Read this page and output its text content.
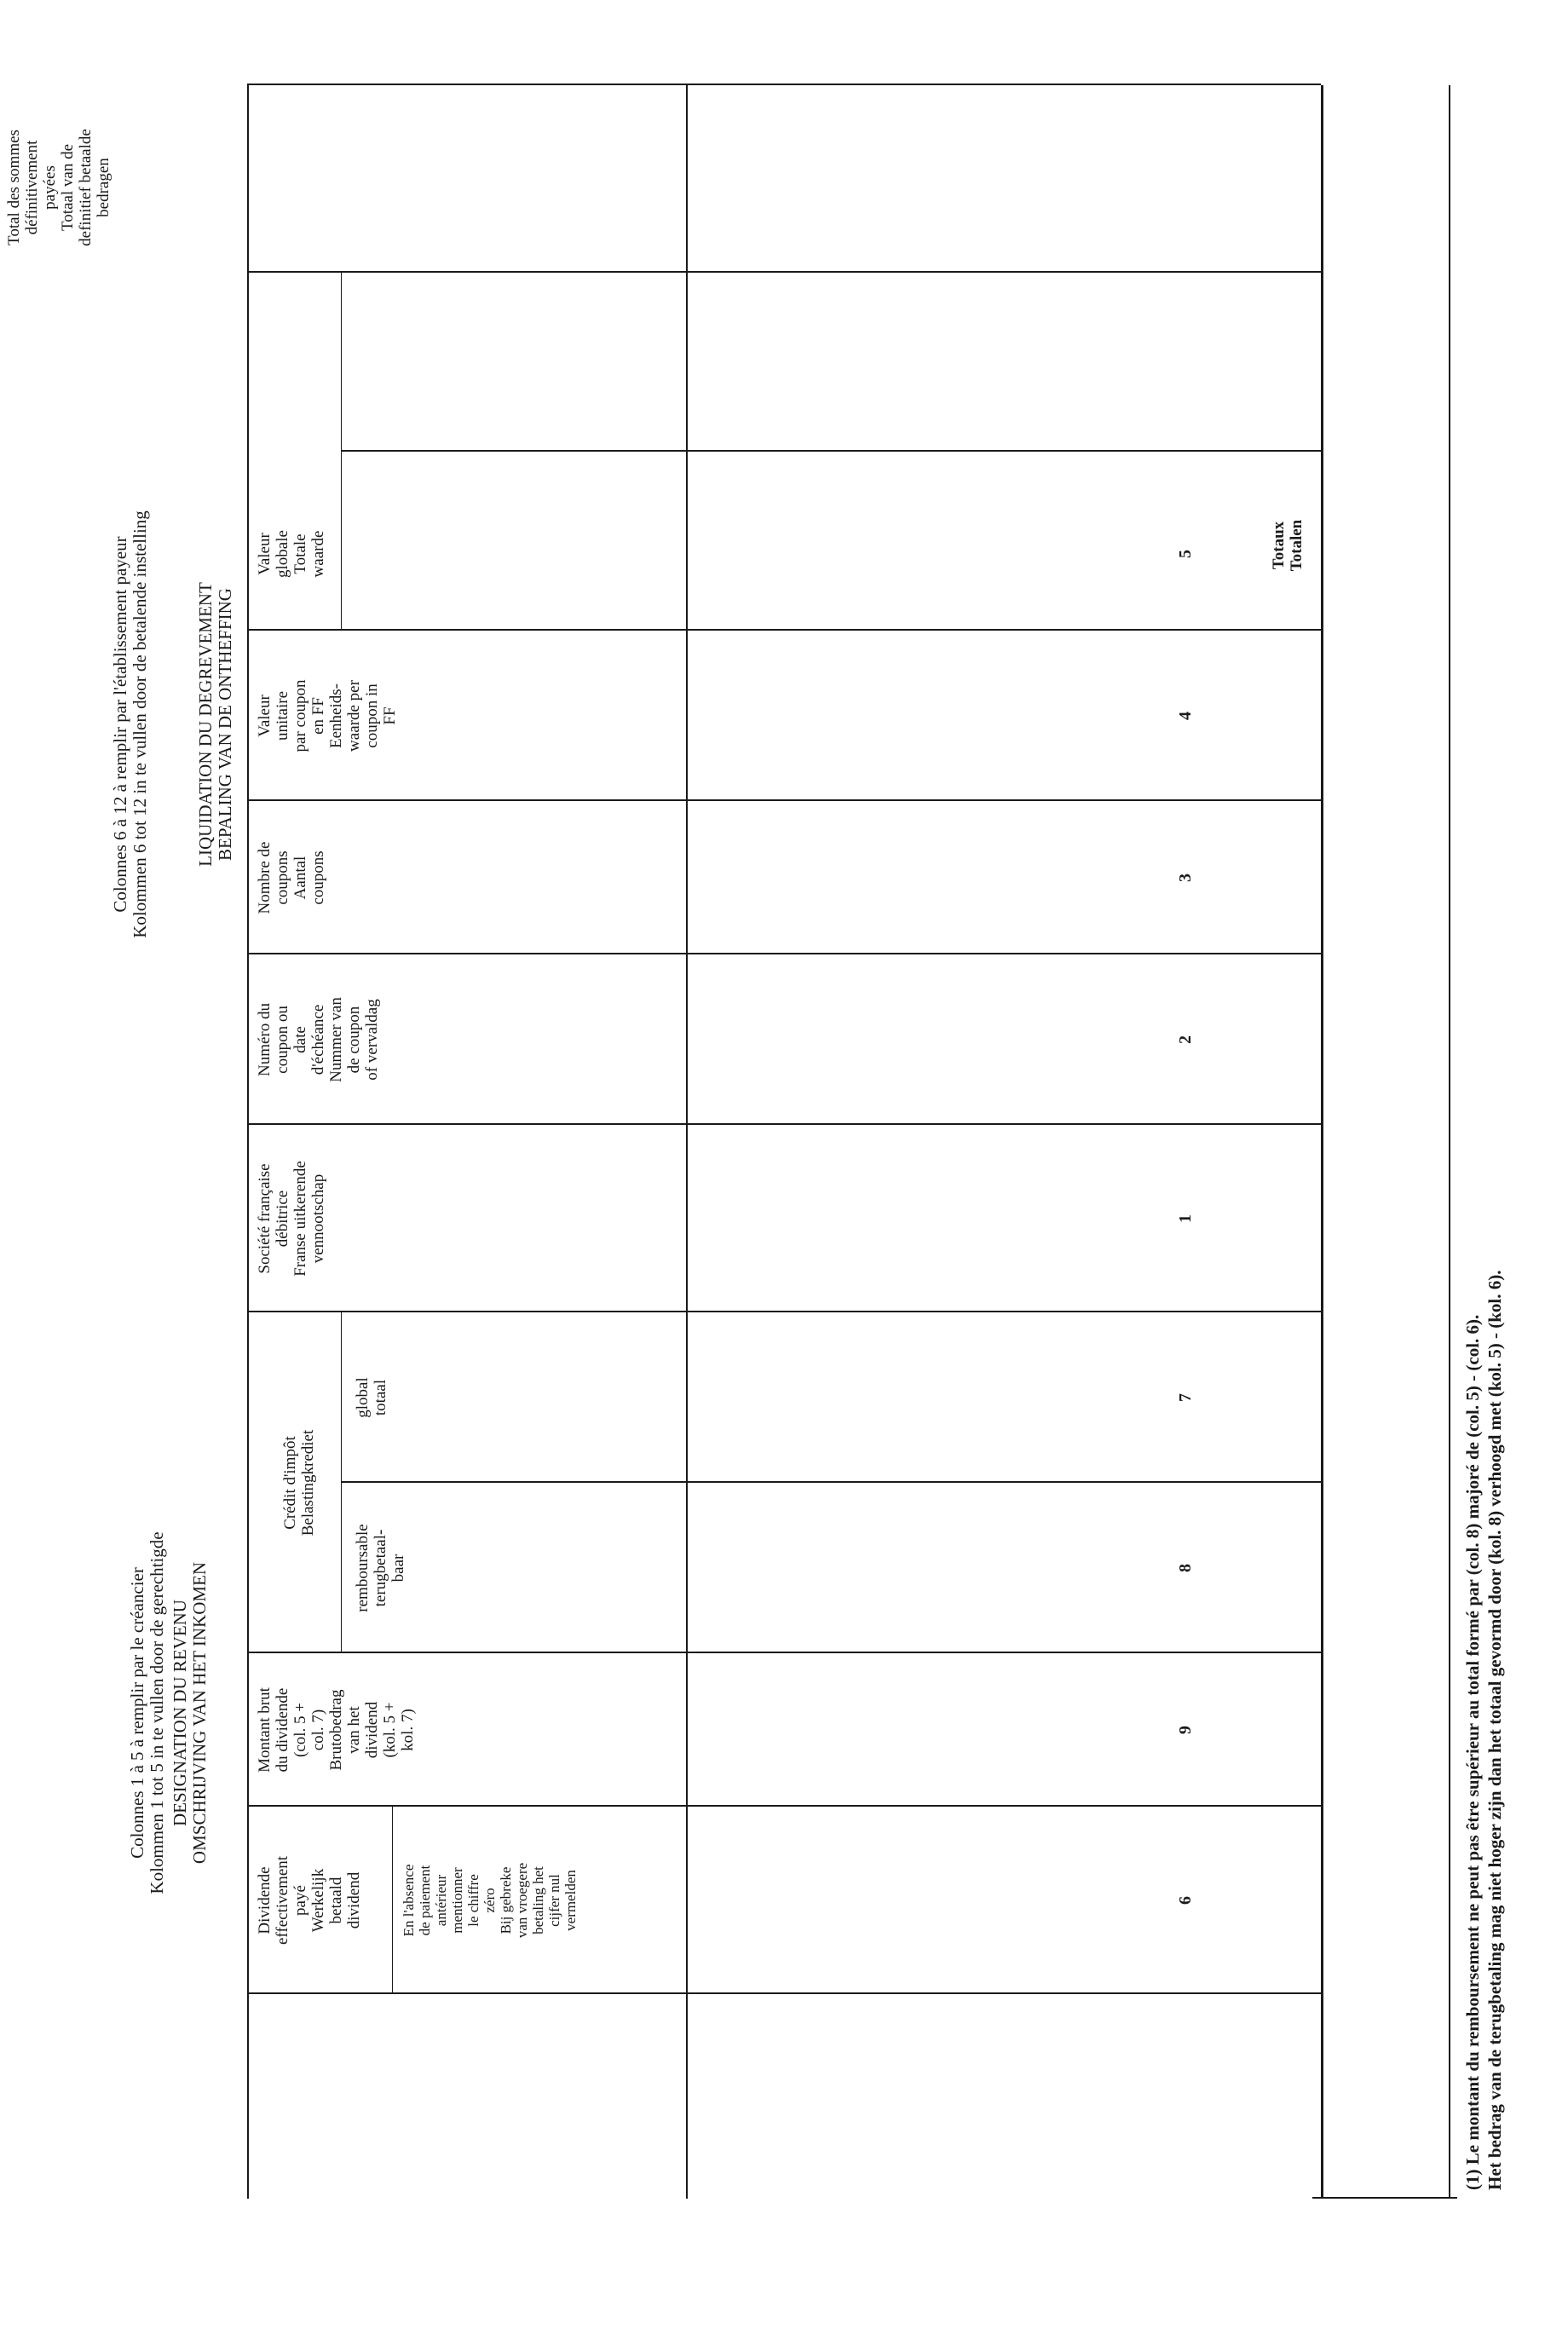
Colonnes 1 à 5 à remplir par le créancier
Kolommen 1 tot 5 in te vullen door de gerechtigde
DESIGNATION DU REVENU
OMSCHRIJVING VAN HET INKOMEN
Colonnes 6 à 12 à remplir par l'établissement payeur
Kolommen 6 tot 12 in te vullen door de betalende instelling
LIQUIDATION DU DEGREVEMENT
BEPALING VAN DE ONTHEFFING
Total des sommes
définitivement
payées
Totaal van de
definitief betaalde
bedragen
Société française
débitrice
Franse uitkerende
vennootschap
Numéro du
coupon ou
date
d'échéance
Nummer van
de coupon
of vervaldag
Nombre de
coupons
Aantal
coupons
Valeur
unitaire
par coupon
en FF
Eenheids-
waarde per
coupon in
FF
Valeur
globale
Totale
waarde
Dividende
effectivement
payé
Werkelijk
betaald
dividend	En l'absence
de paiement
antérieur
mentionner
le chiffre
zéro
Bij gebreke
van vroegere
betaling het
cijfer nul
vermelden
Crédit d'impôt
Belastingkrediet
global
totaal
remboursable
terugbetaal-
baar
Montant brut
du dividende
(col. 5 +
col. 7)
Brutobedrag
van het
dividend
(kol. 5 +
kol. 7)
1
2
3
4
5
6
7
8
9
Totaux
Totalen
(1) Le montant du remboursement ne peut pas être supérieur au total formé par (col. 8) majoré de (col. 5) - (col. 6).
Het bedrag van de terugbetaling mag niet hoger zijn dan het totaal gevormd door (kol. 8) verhoogd met (kol. 5) - (kol. 6).
